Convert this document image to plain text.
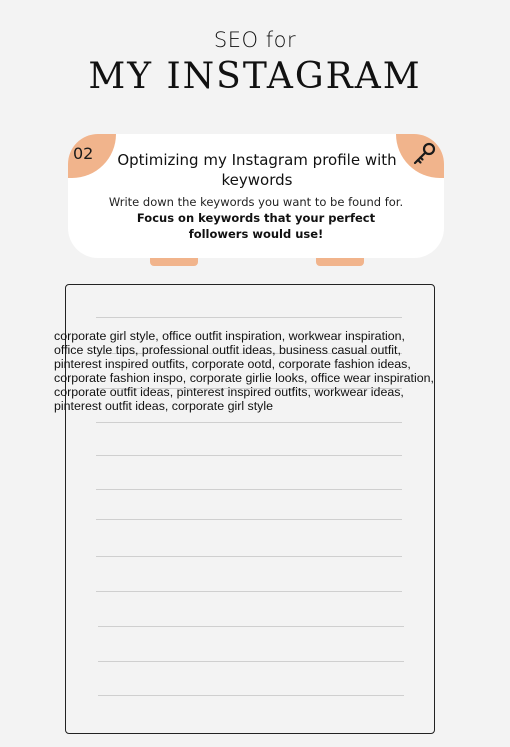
SEO for
MY INSTAGRAM
02	Optimizing my Instagram profile with keywords
Write down the keywords you want to be found for. Focus on keywords that your perfect followers would use!
corporate girl style, office outfit inspiration, workwear inspiration,
office style tips, professional outfit ideas, business casual outfit,
pinterest inspired outfits, corporate ootd, corporate fashion ideas,
corporate fashion inspo, corporate girlie looks, office wear inspiration,
corporate outfit ideas, pinterest inspired outfits, workwear ideas,
pinterest outfit ideas, corporate girl style
